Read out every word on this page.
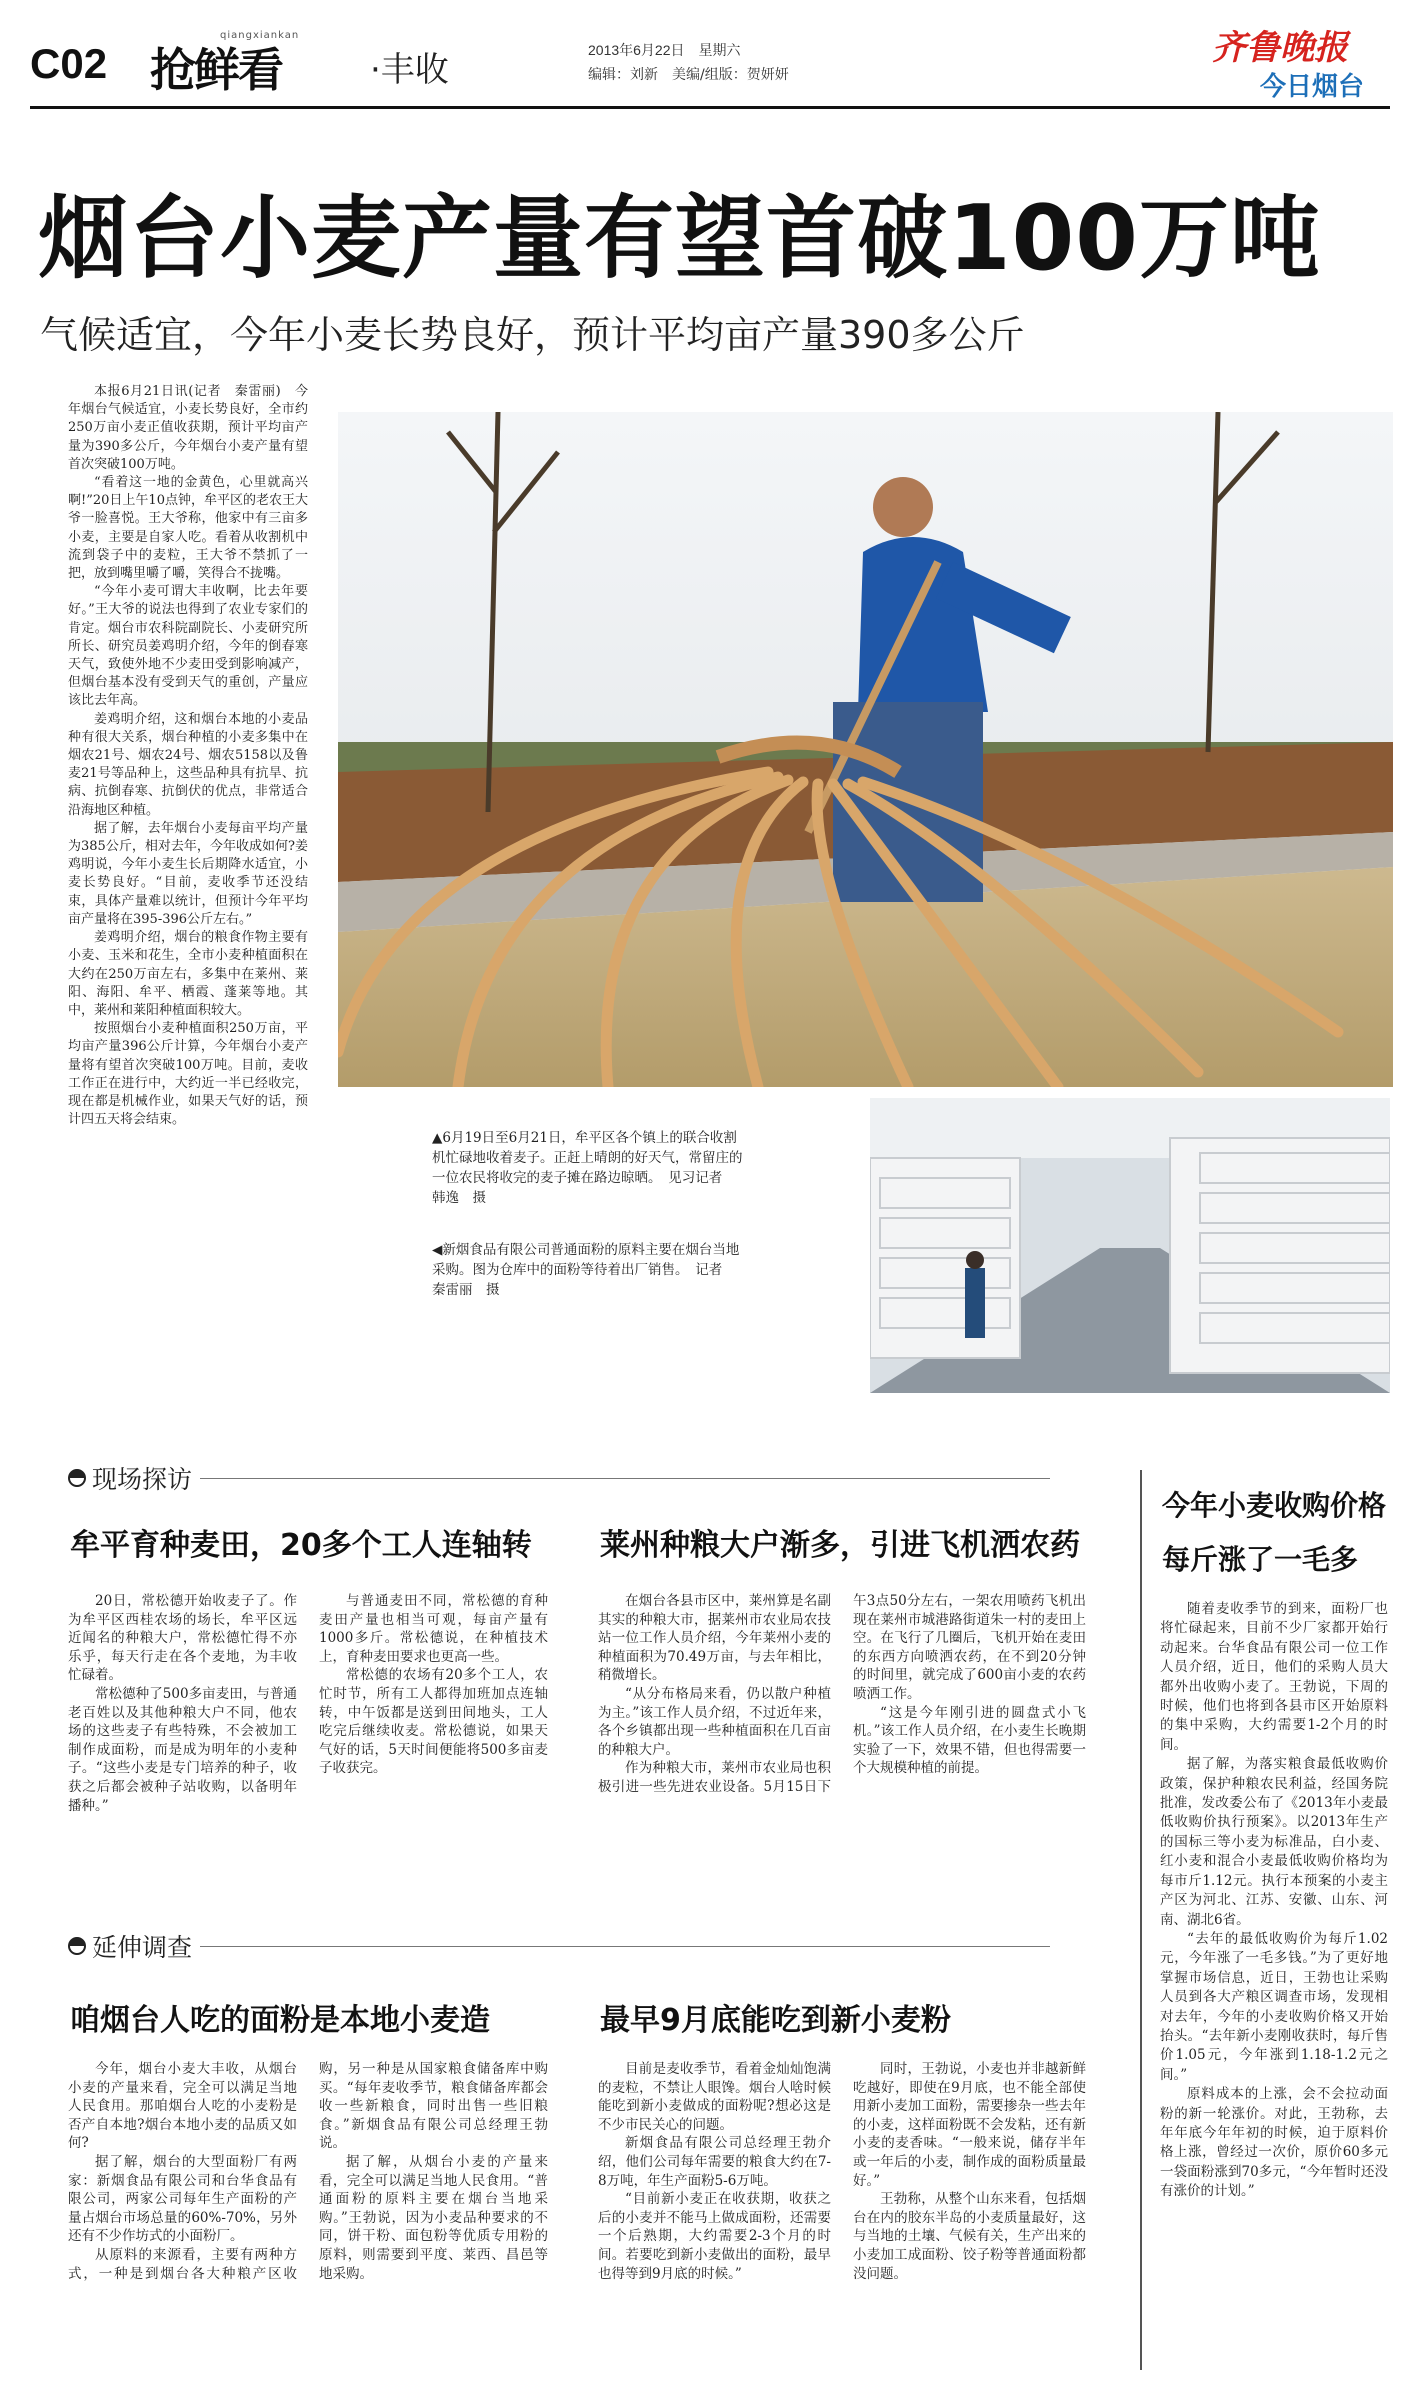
C02 抢鲜看
qiangxiankan
·丰收	2013年6月22日　星期六
编辑：刘新　美编/组版：贺妍妍
齐鲁晚报
今日烟台
烟台小麦产量有望首破100万吨
气候适宜，今年小麦长势良好，预计平均亩产量390多公斤

本报6月21日讯(记者　秦雷丽)　今年烟台气候适宜，小麦长势良好，全市约250万亩小麦正值收获期，预计平均亩产量为390多公斤，今年烟台小麦产量有望首次突破100万吨。

“看着这一地的金黄色，心里就高兴啊!”20日上午10点钟，牟平区的老农王大爷一脸喜悦。王大爷称，他家中有三亩多小麦，主要是自家人吃。看着从收割机中流到袋子中的麦粒，王大爷不禁抓了一把，放到嘴里嚼了嚼，笑得合不拢嘴。

“今年小麦可谓大丰收啊，比去年要好。”王大爷的说法也得到了农业专家们的肯定。烟台市农科院副院长、小麦研究所所长、研究员姜鸡明介绍，今年的倒春寒天气，致使外地不少麦田受到影响减产，但烟台基本没有受到天气的重创，产量应该比去年高。

姜鸡明介绍，这和烟台本地的小麦品种有很大关系，烟台种植的小麦多集中在烟农21号、烟农24号、烟农5158以及鲁麦21号等品种上，这些品种具有抗旱、抗病、抗倒春寒、抗倒伏的优点，非常适合沿海地区种植。

据了解，去年烟台小麦每亩平均产量为385公斤，相对去年，今年收成如何?姜鸡明说，今年小麦生长后期降水适宜，小麦长势良好。“目前，麦收季节还没结束，具体产量难以统计，但预计今年平均亩产量将在395-396公斤左右。”

姜鸡明介绍，烟台的粮食作物主要有小麦、玉米和花生，全市小麦种植面积在大约在250万亩左右，多集中在莱州、莱阳、海阳、牟平、栖霞、蓬莱等地。其中，莱州和莱阳种植面积较大。

按照烟台小麦种植面积250万亩，平均亩产量396公斤计算，今年烟台小麦产量将有望首次突破100万吨。目前，麦收工作正在进行中，大约近一半已经收完，现在都是机械作业，如果天气好的话，预计四五天将会结束。

▲6月19日至6月21日，牟平区各个镇上的联合收割机忙碌地收着麦子。正赶上晴朗的好天气，常留庄的一位农民将收完的麦子摊在路边晾晒。　见习记者　韩逸　摄
◀新烟食品有限公司普通面粉的原料主要在烟台当地采购。图为仓库中的面粉等待着出厂销售。　记者　秦雷丽　摄
现场探访
牟平育种麦田，20多个工人连轴转 莱州种粮大户渐多，引进飞机洒农药

20日，常松德开始收麦子了。作为牟平区西桂农场的场长，牟平区远近闻名的种粮大户，常松德忙得不亦乐乎，每天行走在各个麦地，为丰收忙碌着。

常松德种了500多亩麦田，与普通老百姓以及其他种粮大户不同，他农场的这些麦子有些特殊，不会被加工制作成面粉，而是成为明年的小麦种子。“这些小麦是专门培养的种子，收获之后都会被种子站收购，以备明年播种。”

与普通麦田不同，常松德的育种麦田产量也相当可观，每亩产量有1000多斤。常松德说，在种植技术上，育种麦田要求也更高一些。

常松德的农场有20多个工人，农忙时节，所有工人都得加班加点连轴转，中午饭都是送到田间地头，工人吃完后继续收麦。常松德说，如果天气好的话，5天时间便能将500多亩麦子收获完。

在烟台各县市区中，莱州算是名副其实的种粮大市，据莱州市农业局农技站一位工作人员介绍，今年莱州小麦的种植面积为70.49万亩，与去年相比，稍微增长。

“从分布格局来看，仍以散户种植为主。”该工作人员介绍，不过近年来，各个乡镇都出现一些种植面积在几百亩的种粮大户。

作为种粮大市，莱州市农业局也积极引进一些先进农业设备。5月15日下午3点50分左右，一架农用喷药飞机出现在莱州市城港路街道朱一村的麦田上空。在飞行了几圈后，飞机开始在麦田的东西方向喷洒农药，在不到20分钟的时间里，就完成了600亩小麦的农药喷洒工作。

“这是今年刚引进的圆盘式小飞机。”该工作人员介绍，在小麦生长晚期实验了一下，效果不错，但也得需要一个大规模种植的前提。

延伸调查
咱烟台人吃的面粉是本地小麦造	最早9月底能吃到新小麦粉

今年，烟台小麦大丰收，从烟台小麦的产量来看，完全可以满足当地人民食用。那咱烟台人吃的小麦粉是否产自本地?烟台本地小麦的品质又如何?

据了解，烟台的大型面粉厂有两家：新烟食品有限公司和台华食品有限公司，两家公司每年生产面粉的产量占烟台市场总量的60%-70%，另外还有不少作坊式的小面粉厂。

从原料的来源看，主要有两种方式，一种是到烟台各大种粮产区收购，另一种是从国家粮食储备库中购买。“每年麦收季节，粮食储备库都会收一些新粮食，同时出售一些旧粮食。”新烟食品有限公司总经理王勃说。

据了解，从烟台小麦的产量来看，完全可以满足当地人民食用。“普通面粉的原料主要在烟台当地采购。”王勃说，因为小麦品种要求的不同，饼干粉、面包粉等优质专用粉的原料，则需要到平度、莱西、昌邑等地采购。

目前是麦收季节，看着金灿灿饱满的麦粒，不禁让人眼馋。烟台人啥时候能吃到新小麦做成的面粉呢?想必这是不少市民关心的问题。

新烟食品有限公司总经理王勃介绍，他们公司每年需要的粮食大约在7-8万吨，年生产面粉5-6万吨。

“目前新小麦正在收获期，收获之后的小麦并不能马上做成面粉，还需要一个后熟期，大约需要2-3个月的时间。若要吃到新小麦做出的面粉，最早也得等到9月底的时候。”

同时，王勃说，小麦也并非越新鲜吃越好，即使在9月底，也不能全部使用新小麦加工面粉，需要掺杂一些去年的小麦，这样面粉既不会发粘，还有新小麦的麦香味。“一般来说，储存半年或一年后的小麦，制作成的面粉质量最好。”

王勃称，从整个山东来看，包括烟台在内的胶东半岛的小麦质量最好，这与当地的土壤、气候有关，生产出来的小麦加工成面粉、饺子粉等普通面粉都没问题。

今年小麦收购价格
每斤涨了一毛多

随着麦收季节的到来，面粉厂也将忙碌起来，目前不少厂家都开始行动起来。台华食品有限公司一位工作人员介绍，近日，他们的采购人员大都外出收购小麦了。王勃说，下周的时候，他们也将到各县市区开始原料的集中采购，大约需要1-2个月的时间。

据了解，为落实粮食最低收购价政策，保护种粮农民利益，经国务院批准，发改委公布了《2013年小麦最低收购价执行预案》。以2013年生产的国标三等小麦为标准品，白小麦、红小麦和混合小麦最低收购价格均为每市斤1.12元。执行本预案的小麦主产区为河北、江苏、安徽、山东、河南、湖北6省。

“去年的最低收购价为每斤1.02元，今年涨了一毛多钱。”为了更好地掌握市场信息，近日，王勃也让采购人员到各大产粮区调查市场，发现相对去年，今年的小麦收购价格又开始抬头。“去年新小麦刚收获时，每斤售价1.05元，今年涨到1.18-1.2元之间。”

原料成本的上涨，会不会拉动面粉的新一轮涨价。对此，王勃称，去年年底今年年初的时候，迫于原料价格上涨，曾经过一次价，原价60多元一袋面粉涨到70多元，“今年暂时还没有涨价的计划。”
